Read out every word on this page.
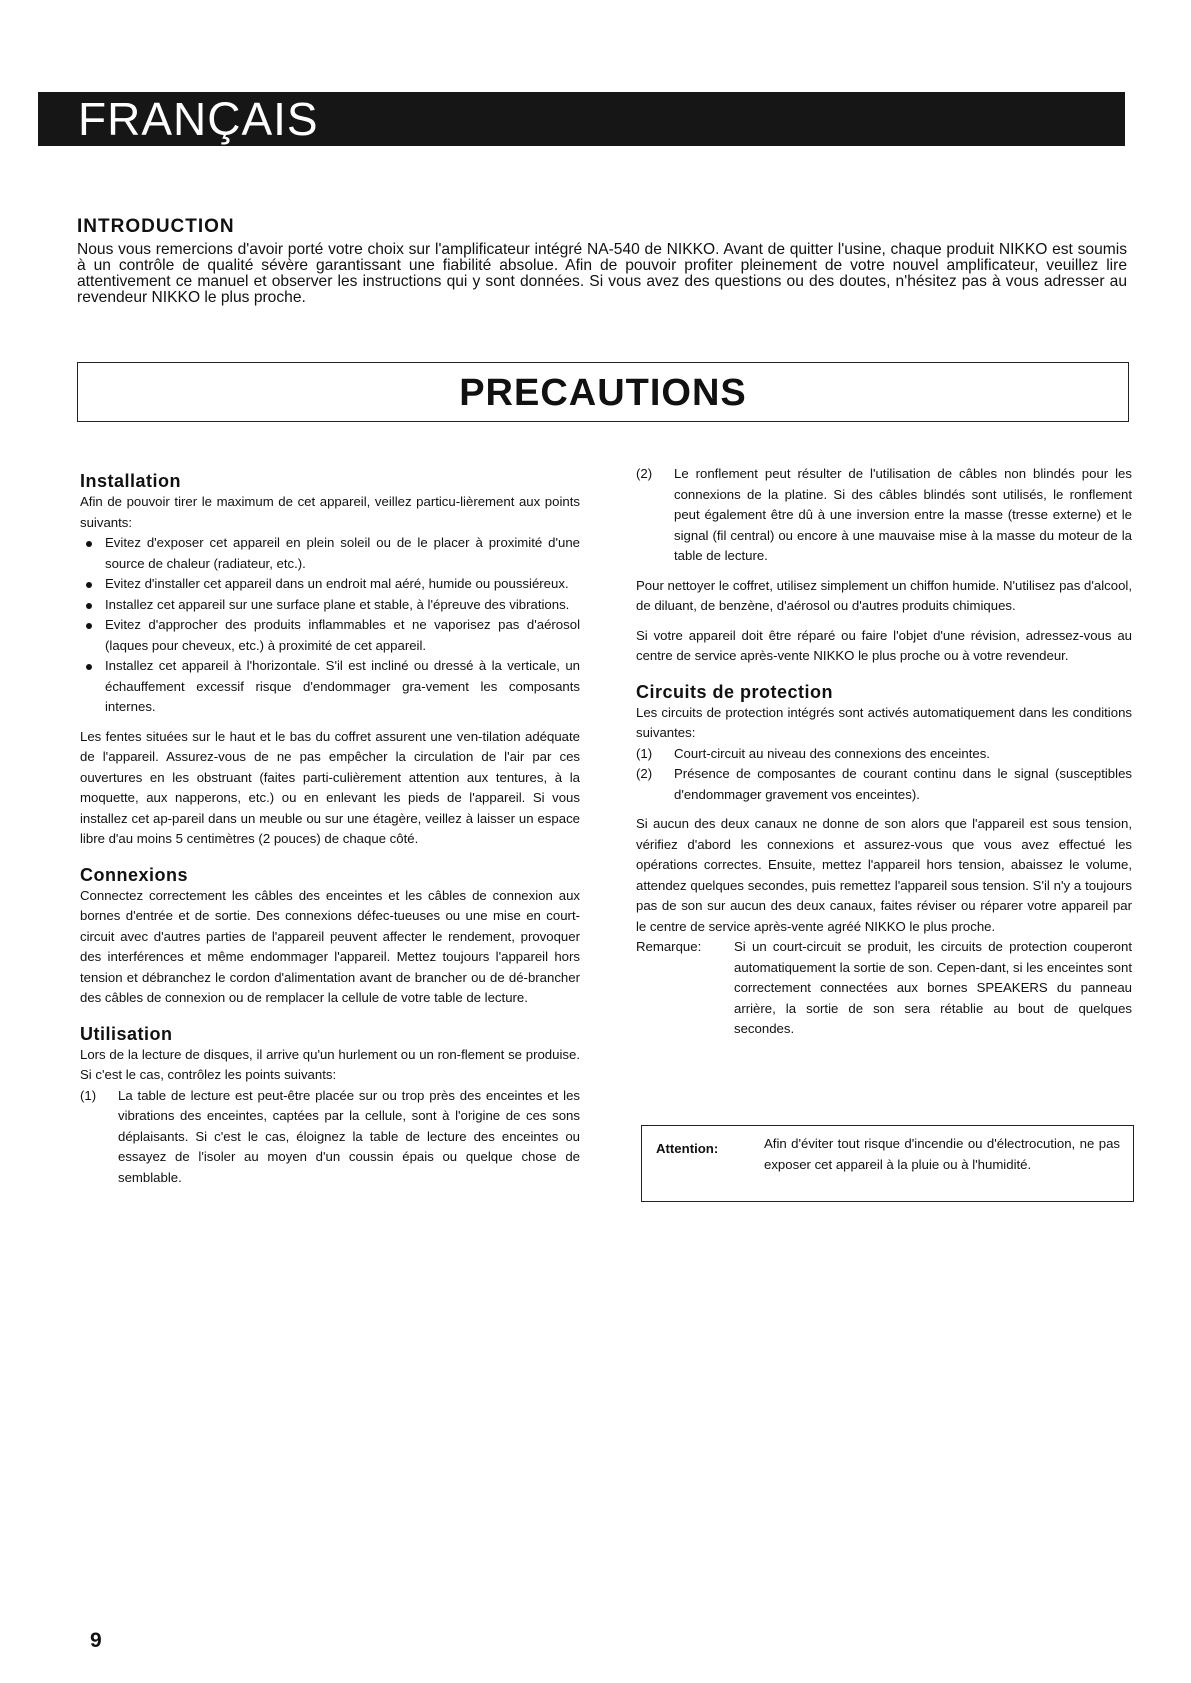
FRANÇAIS
INTRODUCTION

Nous vous remercions d'avoir porté votre choix sur l'amplificateur intégré NA-540 de NIKKO. Avant de quitter l'usine, chaque produit NIKKO est soumis à un contrôle de qualité sévère garantissant une fiabilité absolue. Afin de pouvoir profiter pleinement de votre nouvel amplificateur, veuillez lire attentivement ce manuel et observer les instructions qui y sont données. Si vous avez des questions ou des doutes, n'hésitez pas à vous adresser au revendeur NIKKO le plus proche.

PRECAUTIONS
Installation

Afin de pouvoir tirer le maximum de cet appareil, veillez particu-lièrement aux points suivants:

Evitez d'exposer cet appareil en plein soleil ou de le placer à proximité d'une source de chaleur (radiateur, etc.).
Evitez d'installer cet appareil dans un endroit mal aéré, humide ou poussiéreux.
Installez cet appareil sur une surface plane et stable, à l'épreuve des vibrations.
Evitez d'approcher des produits inflammables et ne vaporisez pas d'aérosol (laques pour cheveux, etc.) à proximité de cet appareil.
Installez cet appareil à l'horizontale. S'il est incliné ou dressé à la verticale, un échauffement excessif risque d'endommager gra-vement les composants internes.

Les fentes situées sur le haut et le bas du coffret assurent une ven-tilation adéquate de l'appareil. Assurez-vous de ne pas empêcher la circulation de l'air par ces ouvertures en les obstruant (faites parti-culièrement attention aux tentures, à la moquette, aux napperons, etc.) ou en enlevant les pieds de l'appareil. Si vous installez cet ap-pareil dans un meuble ou sur une étagère, veillez à laisser un espace libre d'au moins 5 centimètres (2 pouces) de chaque côté.

Connexions

Connectez correctement les câbles des enceintes et les câbles de connexion aux bornes d'entrée et de sortie. Des connexions défec-tueuses ou une mise en court-circuit avec d'autres parties de l'appareil peuvent affecter le rendement, provoquer des interférences et même endommager l'appareil. Mettez toujours l'appareil hors tension et débranchez le cordon d'alimentation avant de brancher ou de dé-brancher des câbles de connexion ou de remplacer la cellule de votre table de lecture.

Utilisation

Lors de la lecture de disques, il arrive qu'un hurlement ou un ron-flement se produise. Si c'est le cas, contrôlez les points suivants:

(1) La table de lecture est peut-être placée sur ou trop près des enceintes et les vibrations des enceintes, captées par la cellule, sont à l'origine de ces sons déplaisants. Si c'est le cas, éloignez la table de lecture des enceintes ou essayez de l'isoler au moyen d'un coussin épais ou quelque chose de semblable.
(2) Le ronflement peut résulter de l'utilisation de câbles non blindés pour les connexions de la platine. Si des câbles blindés sont utilisés, le ronflement peut également être dû à une inversion entre la masse (tresse externe) et le signal (fil central) ou encore à une mauvaise mise à la masse du moteur de la table de lecture.

Pour nettoyer le coffret, utilisez simplement un chiffon humide. N'utilisez pas d'alcool, de diluant, de benzène, d'aérosol ou d'autres produits chimiques.

Si votre appareil doit être réparé ou faire l'objet d'une révision, adressez-vous au centre de service après-vente NIKKO le plus proche ou à votre revendeur.

Circuits de protection

Les circuits de protection intégrés sont activés automatiquement dans les conditions suivantes:

(1) Court-circuit au niveau des connexions des enceintes.
(2) Présence de composantes de courant continu dans le signal (susceptibles d'endommager gravement vos enceintes).

Si aucun des deux canaux ne donne de son alors que l'appareil est sous tension, vérifiez d'abord les connexions et assurez-vous que vous avez effectué les opérations correctes. Ensuite, mettez l'appareil hors tension, abaissez le volume, attendez quelques secondes, puis remettez l'appareil sous tension. S'il n'y a toujours pas de son sur aucun des deux canaux, faites réviser ou réparer votre appareil par le centre de service après-vente agréé NIKKO le plus proche.

Remarque: Si un court-circuit se produit, les circuits de protection couperont automatiquement la sortie de son. Cepen-dant, si les enceintes sont correctement connectées aux bornes SPEAKERS du panneau arrière, la sortie de son sera rétablie au bout de quelques secondes.
Attention:	Afin d'éviter tout risque d'incendie ou d'électrocution, ne pas exposer cet appareil à la pluie ou à l'humidité.
9
